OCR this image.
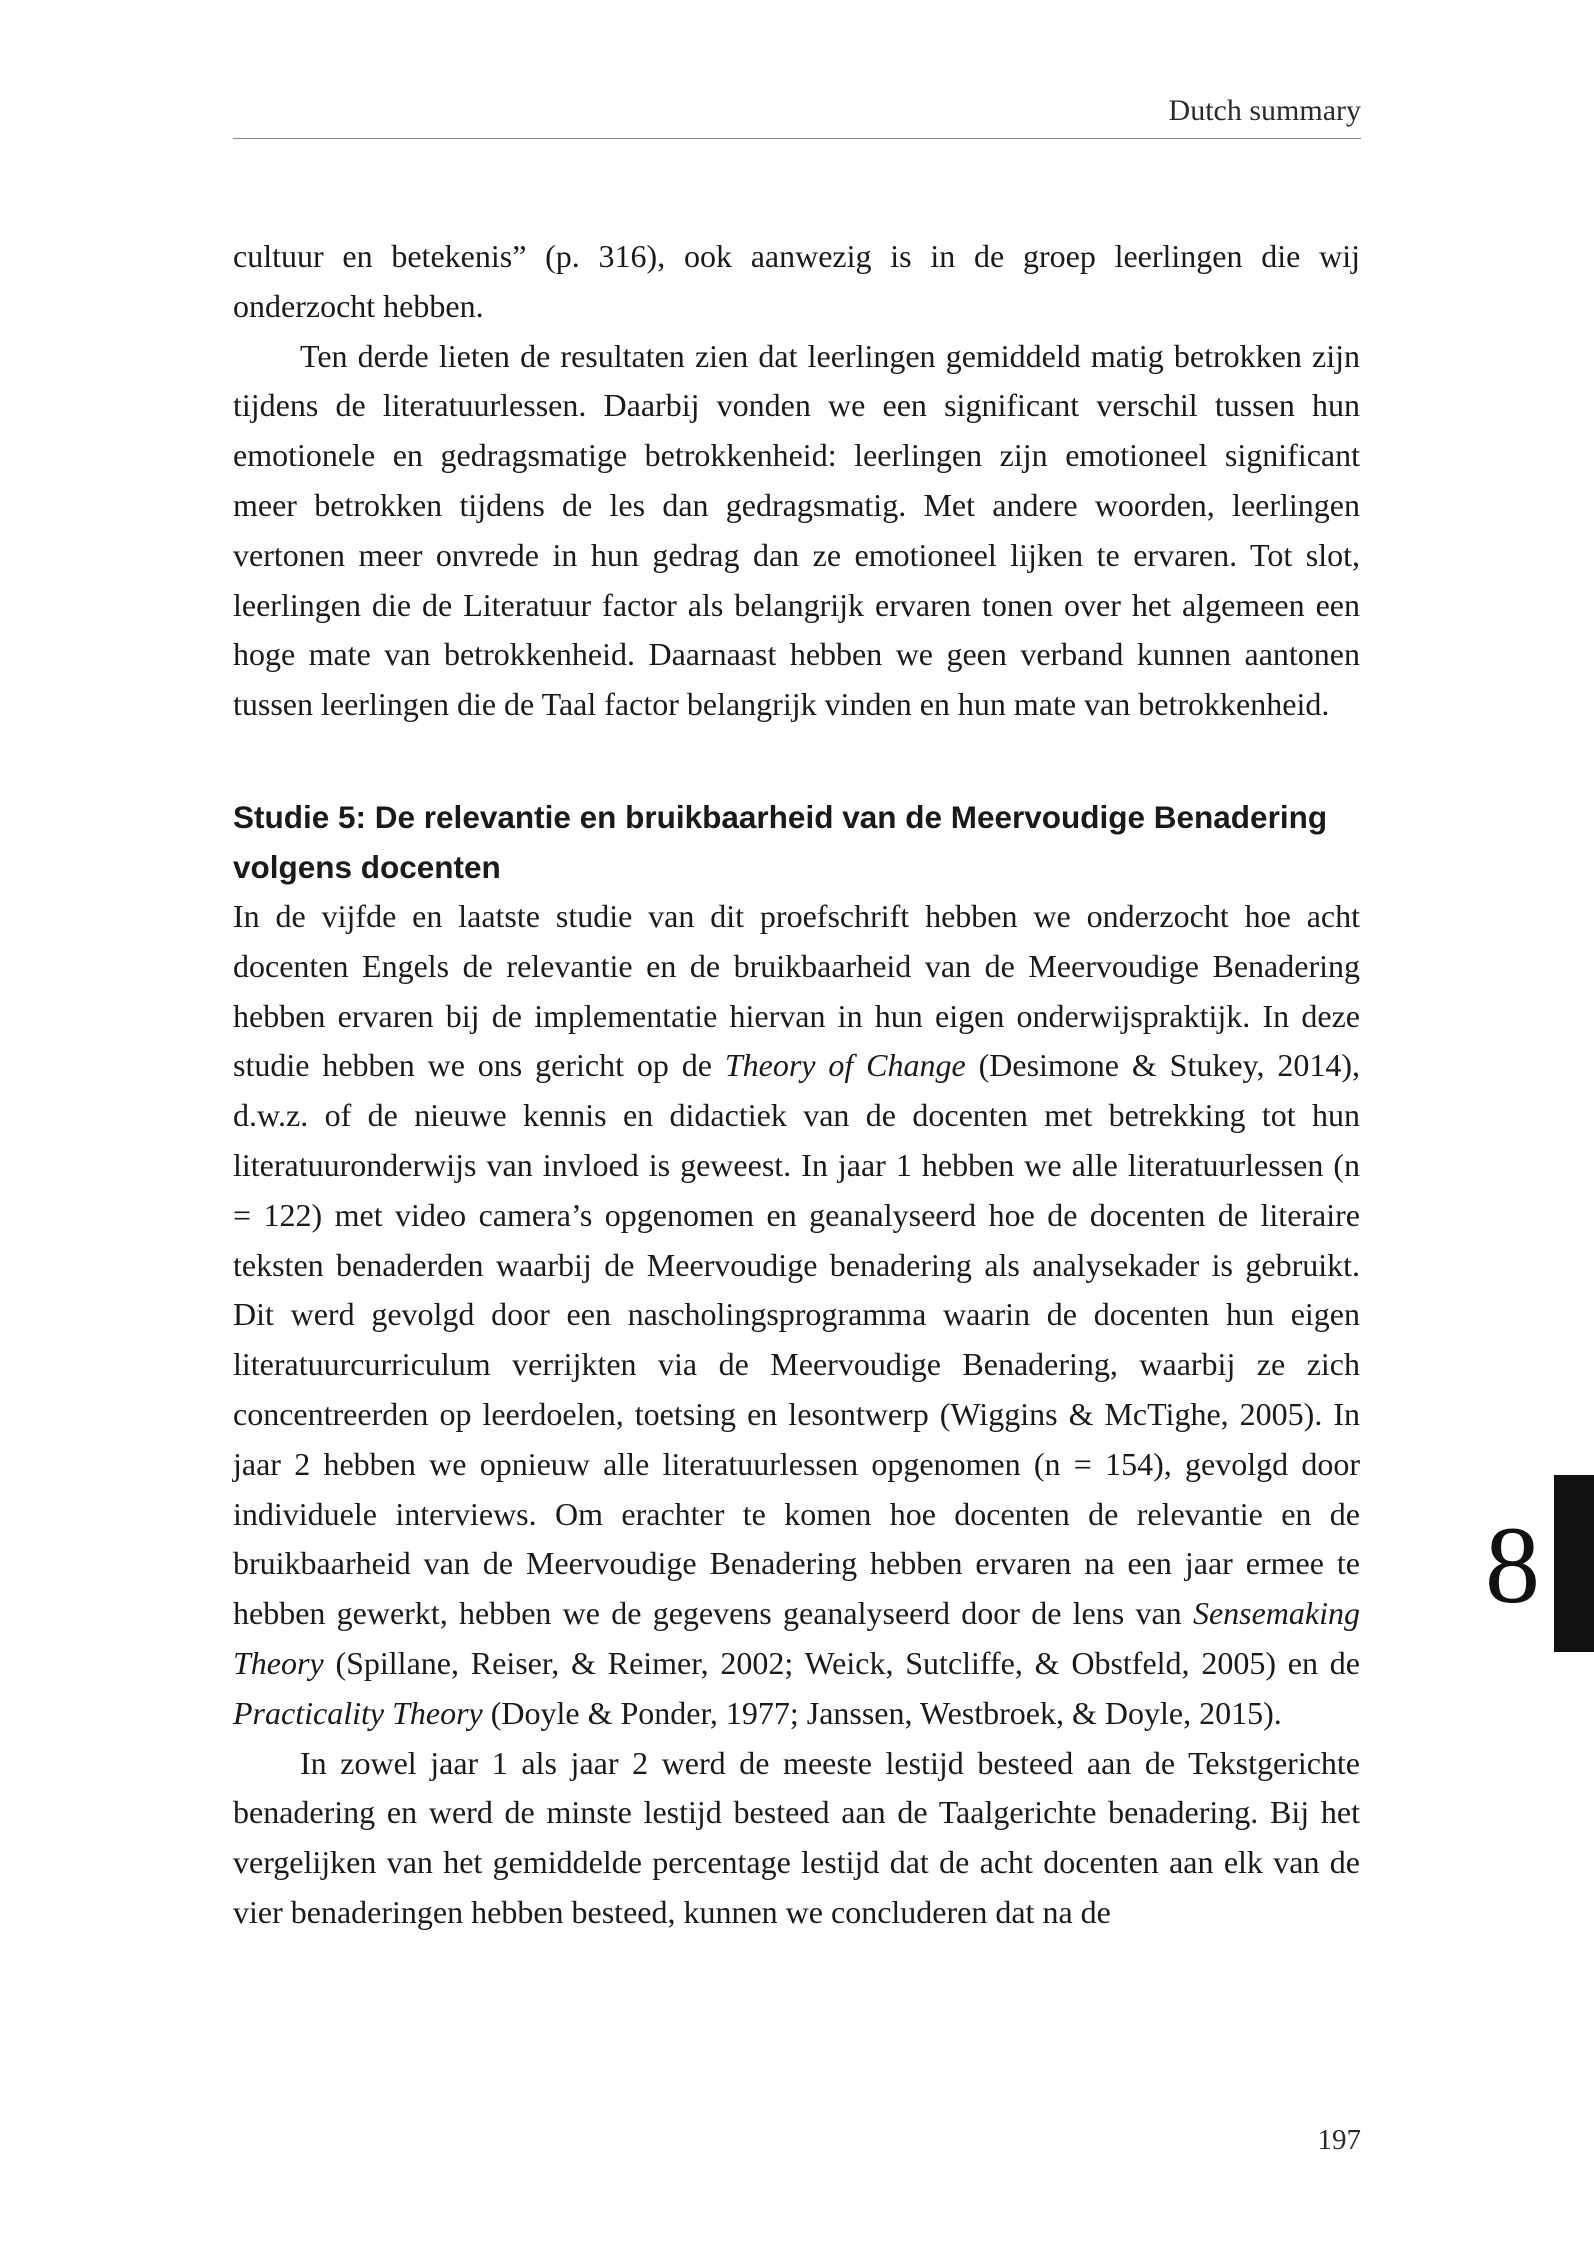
Dutch summary

cultuur en betekenis” (p. 316), ook aanwezig is in de groep leerlingen die wij onderzocht hebben.

Ten derde lieten de resultaten zien dat leerlingen gemiddeld matig betrokken zijn tijdens de literatuurlessen. Daarbij vonden we een significant verschil tussen hun emotionele en gedragsmatige betrokkenheid: leerlingen zijn emotioneel significant meer betrokken tijdens de les dan gedragsmatig. Met andere woorden, leerlingen vertonen meer onvrede in hun gedrag dan ze emotioneel lijken te ervaren. Tot slot, leerlingen die de Literatuur factor als belangrijk ervaren tonen over het algemeen een hoge mate van betrokkenheid. Daarnaast hebben we geen verband kunnen aantonen tussen leerlingen die de Taal factor belangrijk vinden en hun mate van betrokkenheid.

Studie 5: De relevantie en bruikbaarheid van de Meervoudige Benadering volgens docenten

In de vijfde en laatste studie van dit proefschrift hebben we onderzocht hoe acht docenten Engels de relevantie en de bruikbaarheid van de Meervoudige Benadering hebben ervaren bij de implementatie hiervan in hun eigen onderwijspraktijk. In deze studie hebben we ons gericht op de Theory of Change (Desimone & Stukey, 2014), d.w.z. of de nieuwe kennis en didactiek van de docenten met betrekking tot hun literatuuronderwijs van invloed is geweest. In jaar 1 hebben we alle literatuurlessen (n = 122) met video camera’s opgenomen en geanalyseerd hoe de docenten de literaire teksten benaderden waarbij de Meervoudige benadering als analysekader is gebruikt. Dit werd gevolgd door een nascholingsprogramma waarin de docenten hun eigen literatuurcurriculum verrijkten via de Meervoudige Benadering, waarbij ze zich concentreerden op leerdoelen, toetsing en lesontwerp (Wiggins & McTighe, 2005). In jaar 2 hebben we opnieuw alle literatuurlessen opgenomen (n = 154), gevolgd door individuele interviews. Om erachter te komen hoe docenten de relevantie en de bruikbaarheid van de Meervoudige Benadering hebben ervaren na een jaar ermee te hebben gewerkt, hebben we de gegevens geanalyseerd door de lens van Sensemaking Theory (Spillane, Reiser, & Reimer, 2002; Weick, Sutcliffe, & Obstfeld, 2005) en de Practicality Theory (Doyle & Ponder, 1977; Janssen, Westbroek, & Doyle, 2015).

In zowel jaar 1 als jaar 2 werd de meeste lestijd besteed aan de Tekstgerichte benadering en werd de minste lestijd besteed aan de Taalgerichte benadering. Bij het vergelijken van het gemiddelde percentage lestijd dat de acht docenten aan elk van de vier benaderingen hebben besteed, kunnen we concluderen dat na de

8
197
